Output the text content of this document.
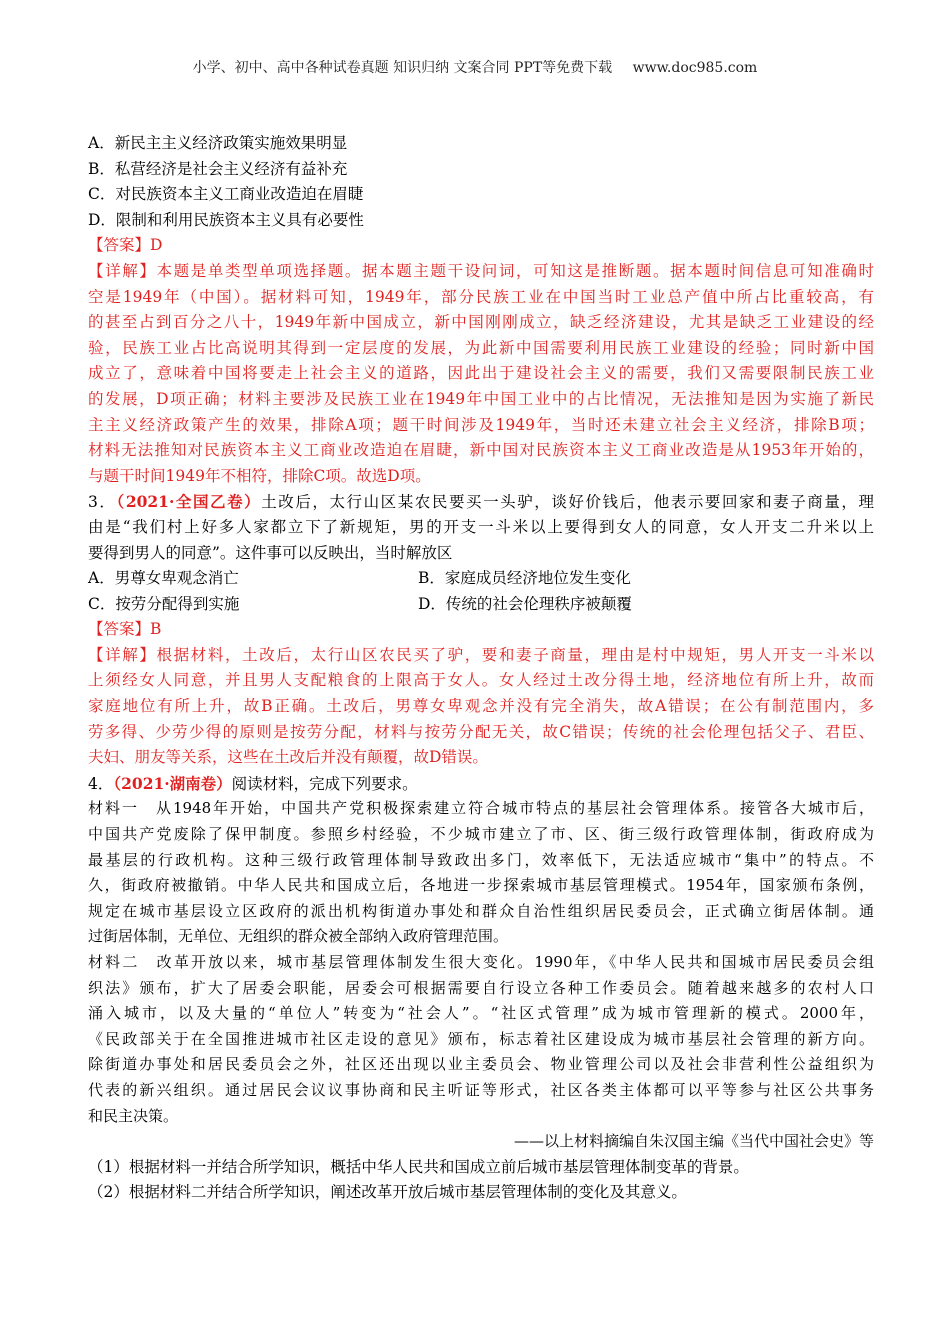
小学、初中、高中各种试卷真题 知识归纳 文案合同 PPT等免费下载 www.doc985.com
A．新民主主义经济政策实施效果明显
B．私营经济是社会主义经济有益补充
C．对民族资本主义工商业改造迫在眉睫
D．限制和利用民族资本主义具有必要性
【答案】D
【详解】本题是单类型单项选择题。据本题主题干设问词，可知这是推断题。据本题时间信息可知准确时
空是1949年（中国）。据材料可知，1949年，部分民族工业在中国当时工业总产值中所占比重较高，有
的甚至占到百分之八十，1949年新中国成立，新中国刚刚成立，缺乏经济建设，尤其是缺乏工业建设的经
验，民族工业占比高说明其得到一定层度的发展，为此新中国需要利用民族工业建设的经验；同时新中国
成立了，意味着中国将要走上社会主义的道路，因此出于建设社会主义的需要，我们又需要限制民族工业
的发展，D项正确；材料主要涉及民族工业在1949年中国工业中的占比情况，无法推知是因为实施了新民
主主义经济政策产生的效果，排除A项；题干时间涉及1949年，当时还未建立社会主义经济，排除B项；
材料无法推知对民族资本主义工商业改造迫在眉睫，新中国对民族资本主义工商业改造是从1953年开始的，
与题干时间1949年不相符，排除C项。故选D项。
3．（2021·全国乙卷）土改后，太行山区某农民要买一头驴，谈好价钱后，他表示要回家和妻子商量，理
由是“我们村上好多人家都立下了新规矩，男的开支一斗米以上要得到女人的同意，女人开支二升米以上
要得到男人的同意”。这件事可以反映出，当时解放区
A．男尊女卑观念消亡	B．家庭成员经济地位发生变化
C．按劳分配得到实施	D．传统的社会伦理秩序被颠覆
【答案】B
【详解】根据材料，土改后，太行山区农民买了驴，要和妻子商量，理由是村中规矩，男人开支一斗米以
上须经女人同意，并且男人支配粮食的上限高于女人。女人经过土改分得土地，经济地位有所上升，故而
家庭地位有所上升，故B正确。土改后，男尊女卑观念并没有完全消失，故A错误；在公有制范围内，多
劳多得、少劳少得的原则是按劳分配，材料与按劳分配无关，故C错误；传统的社会伦理包括父子、君臣、
夫妇、朋友等关系，这些在土改后并没有颠覆，故D错误。
4．（2021·湖南卷）阅读材料，完成下列要求。
材料一　从1948年开始，中国共产党积极探索建立符合城市特点的基层社会管理体系。接管各大城市后，
中国共产党废除了保甲制度。参照乡村经验，不少城市建立了市、区、街三级行政管理体制，街政府成为
最基层的行政机构。这种三级行政管理体制导致政出多门，效率低下，无法适应城市“集中”的特点。不
久，街政府被撤销。中华人民共和国成立后，各地进一步探索城市基层管理模式。1954年，国家颁布条例，
规定在城市基层设立区政府的派出机构街道办事处和群众自治性组织居民委员会，正式确立街居体制。通
过街居体制，无单位、无组织的群众被全部纳入政府管理范围。
材料二　改革开放以来，城市基层管理体制发生很大变化。1990年，《中华人民共和国城市居民委员会组
织法》颁布，扩大了居委会职能，居委会可根据需要自行设立各种工作委员会。随着越来越多的农村人口
涌入城市，以及大量的“单位人”转变为“社会人”。“社区式管理”成为城市管理新的模式。2000年，
《民政部关于在全国推进城市社区走设的意见》颁布，标志着社区建设成为城市基层社会管理的新方向。
除街道办事处和居民委员会之外，社区还出现以业主委员会、物业管理公司以及社会非营利性公益组织为
代表的新兴组织。通过居民会议议事协商和民主听证等形式，社区各类主体都可以平等参与社区公共事务
和民主决策。
——以上材料摘编自朱汉国主编《当代中国社会史》等
（1）根据材料一并结合所学知识，概括中华人民共和国成立前后城市基层管理体制变革的背景。
（2）根据材料二并结合所学知识，阐述改革开放后城市基层管理体制的变化及其意义。
